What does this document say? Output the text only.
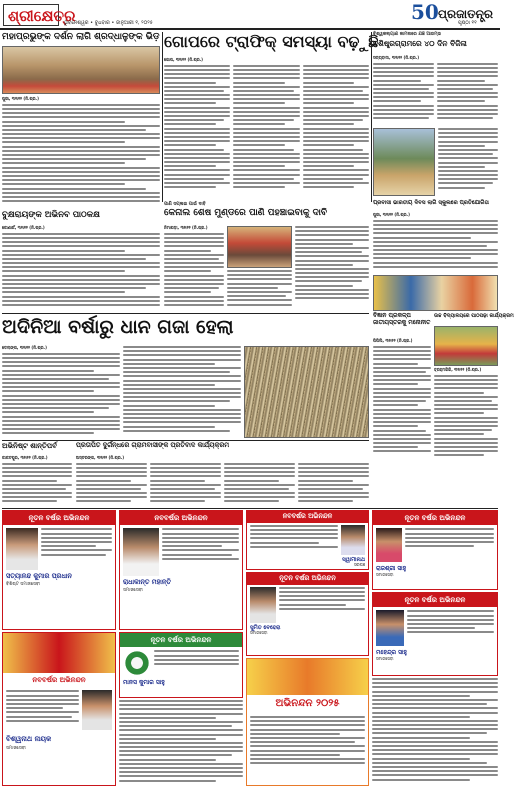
ଶ୍ରୀକ୍ଷେତ୍ର
ଭୁବନେଶ୍ୱର • ବୁଧବାର • ଜାନୁଆରୀ ୧, ୨୦୨୫	50 ପ୍ରଜାତନ୍ତ୍ର
ପୃଷ୍ଠା ୧୧
ମହାପ୍ରଭୁଙ୍କ ଦର୍ଶନ ଲାଗି ଶ୍ରଦ୍ଧାଳୁଙ୍କ ଭିଡ଼
ପୁରୀ, ୩୧ା୧୨ (ନି.ପ୍ର.)
ଗୋପରେ ଟ୍ରାଫିକ୍ ସମସ୍ୟା ବଢ଼ୁଛି
ଗୋପ, ୩୧ା୧୨ (ନି.ପ୍ର.)
ବିଶ୍ୱକଲ୍ୟାଣ କାମନାରେ ଯଜ୍ଞ ଆରମ୍ଭ
ବଶିଷ୍ଠ୍ରଗ୍ରାମରେ ୪୦ ଦିନ ବିଜିଳା
ସତ୍ୟବାଦୀ, ୩୧ା୧୨ (ନି.ପ୍ର.)
ପାଣି ସପ୍ଳାଇ ପାଇଁ ଦାବି
କେନାଲ ଶେଷ ମୁଣ୍ଡରେ ପାଣି ପହଞ୍ଚାଇବାକୁ ଦାବି
ନିମାପଡ଼ା, ୩୧ା୧୨ (ନି.ପ୍ର.)
ବୁକ୍ଷରାୟଙ୍କ ଅଭିନବ ପାଠକକ୍ଷ
କୋଣାର୍କ, ୩୧ା୧୨ (ନି.ପ୍ର.)
ପ୍ରବାସୀ ଭାରତୀୟ ଦିବସ ଲାଗି ସ୍କୁଲରେ ପ୍ରତିଯୋଗିତା
ପୁରୀ, ୩୧ା୧୨ (ନି.ପ୍ର.)
ବିଜ୍ଞାନ ପ୍ରକଳ୍ପ ଜାତୀୟସ୍ତରକୁ ମନୋନୀତ
ପିପିଲି, ୩୧ା୧୨ (ନି.ପ୍ର.)
ଉଚ୍ଚ ବିଦ୍ୟାଳୟରେ ପାଠପଢ଼ା କାର୍ଯ୍ୟକ୍ରମ
ବ୍ରହ୍ମଗିରି, ୩୧ା୧୨ (ନି.ପ୍ର.)
ଅଦିନିଆ ବର୍ଷାରୁ ଧାନ ଗଜା ହେଲା
ଡେଲାଙ୍ଗ, ୩୧ା୧୨ (ନି.ପ୍ର.)
ଅଭିନିଷ୍ଟ ଶାନ୍ତିପର୍ବ
କାକଟପୁର, ୩୧ା୧୨ (ନି.ପ୍ର.)
ପ୍ରତାପିତ ଦୁର୍ଗନ୍ଧରେ ଗ୍ରାମବାସୀଙ୍କ ପ୍ରତିବାଦ କାର୍ଯ୍ୟକ୍ରମ
ଅସ୍ତରଙ୍ଗ, ୩୧ା୧୨ (ନି.ପ୍ର.)
ନୂତନ ବର୍ଷର ଅଭିନନ୍ଦନ
ସତ୍ୟାନନ୍ଦ କୁମାର ପ୍ରଧାନ
ବିଶିଷ୍ଟ ସମାଜସେବୀ
ନବବର୍ଷର ଅଭିନନ୍ଦନ
ରାଧାକାନ୍ତ ମହାନ୍ତି
ସମାଜସେବୀ
ନବବର୍ଷର ଅଭିନନ୍ଦନ
ସ୍ୱାମୀନାଥ
ସରପଞ୍ଚ
ନୂତନ ବର୍ଷର ଅଭିନନ୍ଦନ
ରାଜଶ୍ରୀ ସାହୁ
ସମାଜସେବୀ
ନୂତନ ବର୍ଷର ଅଭିନନ୍ଦନ
ସୁମିତ ବେହେରା
ସମାଜସେବୀ
ନୂତନ ବର୍ଷର ଅଭିନନ୍ଦନ
ମହେନ୍ଦ୍ର ସାହୁ
ସମାଜସେବୀ
ନୂତନ ବର୍ଷର ଅଭିନନ୍ଦନ
ମାନସ କୁମାର ସାହୁ
ନବବର୍ଷର ଅଭିନନ୍ଦନ
ବିଶ୍ୱନାଥ ନାୟକ
ସମାଜସେବୀ
ଅଭିନନ୍ଦନ ୨୦୨୫
